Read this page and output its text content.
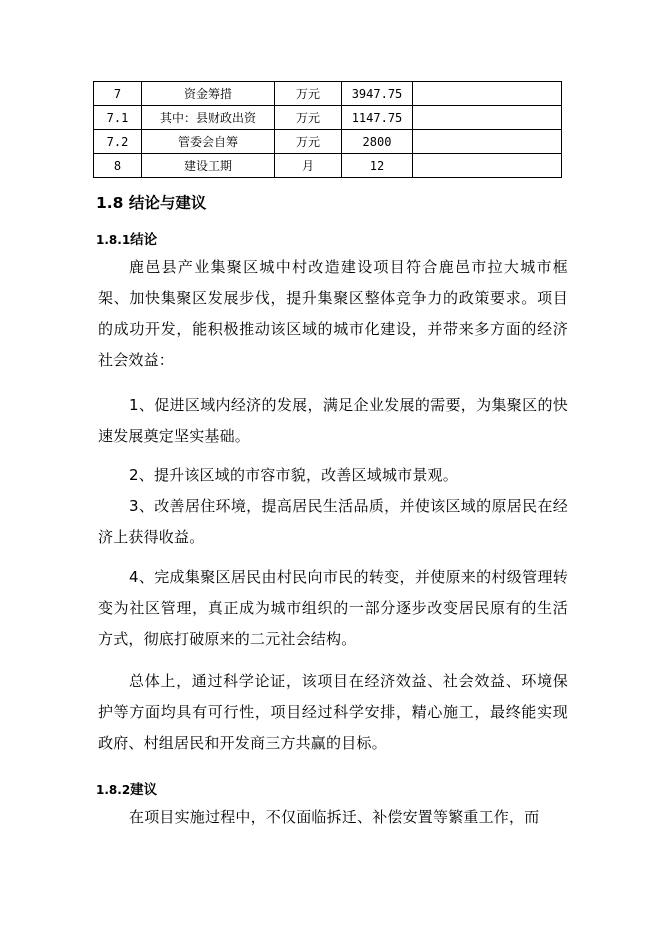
7	资金筹措	万元	3947.75	
7.1	其中：县财政出资	万元	1147.75	
7.2	管委会自筹	万元	2800	
8	建设工期	月	12	
1.8 结论与建议
1.8.1结论

鹿邑县产业集聚区城中村改造建设项目符合鹿邑市拉大城市框架、加快集聚区发展步伐，提升集聚区整体竞争力的政策要求。项目的成功开发，能积极推动该区域的城市化建设，并带来多方面的经济社会效益：

1、促进区域内经济的发展，满足企业发展的需要，为集聚区的快速发展奠定坚实基础。

2、提升该区域的市容市貌，改善区域城市景观。

3、改善居住环境，提高居民生活品质，并使该区域的原居民在经济上获得收益。

4、完成集聚区居民由村民向市民的转变，并使原来的村级管理转变为社区管理，真正成为城市组织的一部分逐步改变居民原有的生活方式，彻底打破原来的二元社会结构。

总体上，通过科学论证，该项目在经济效益、社会效益、环境保护等方面均具有可行性，项目经过科学安排，精心施工，最终能实现政府、村组居民和开发商三方共赢的目标。

1.8.2建议

在项目实施过程中，不仅面临拆迁、补偿安置等繁重工作，而
